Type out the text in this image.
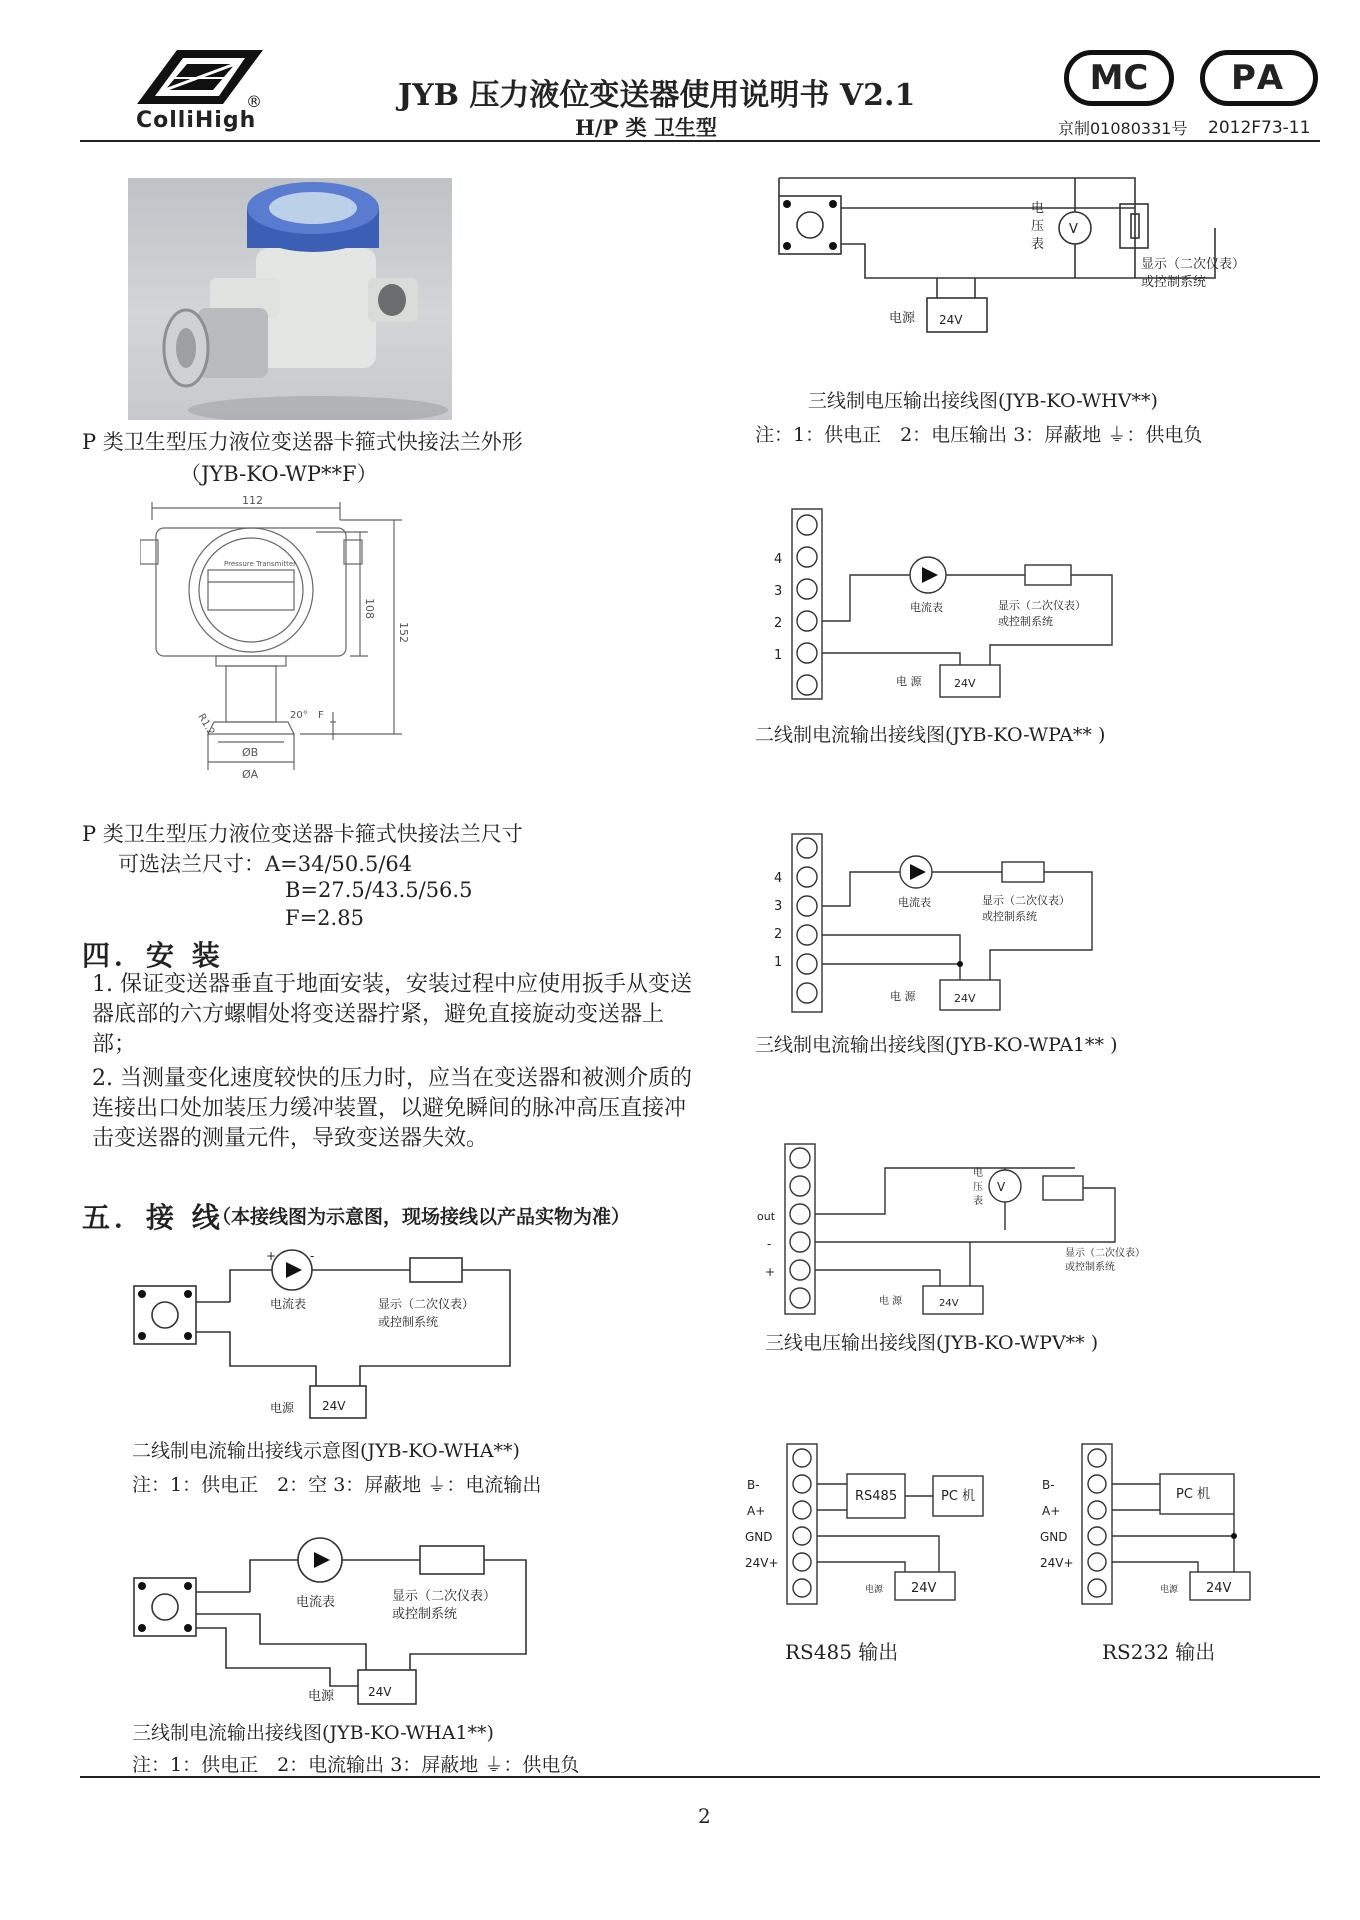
ColliHigh
®	JYB 压力液位变送器使用说明书 V2.1
H/P 类 卫生型
MC	PA
京制01080331号 2012F73-11
P 类卫生型压力液位变送器卡箍式快接法兰外形
（JYB-KO-WP**F）
112
108
152
R1.2	20° F
ØB
ØA
Pressure Transmitter
P 类卫生型压力液位变送器卡箍式快接法兰尺寸
可选法兰尺寸：A=34/50.5/64
B=27.5/43.5/56.5
F=2.85
四．安 装
1. 保证变送器垂直于地面安装，安装过程中应使用扳手从变送器底部的六方螺帽处将变送器拧紧，避免直接旋动变送器上部；
2. 当测量变化速度较快的压力时，应当在变送器和被测介质的连接出口处加装压力缓冲装置，以避免瞬间的脉冲高压直接冲击变送器的测量元件，导致变送器失效。
五．接 线
（本接线图为示意图，现场接线以产品实物为准）
电流表	显示（二次仪表）
或控制系统
电源 24V
+	-
二线制电流输出接线示意图(JYB-KO-WHA**)
注：1：供电正　2：空 3：屏蔽地 ⏚：电流输出
电流表	显示（二次仪表）
或控制系统
电源	24V
三线制电流输出接线图(JYB-KO-WHA1**)
注：1：供电正　2：电流输出 3：屏蔽地 ⏚：供电负
V
电
压
表
显示（二次仪表）
或控制系统
电源 24V
三线制电压输出接线图(JYB-KO-WHV**)
注：1：供电正　2：电压输出 3：屏蔽地 ⏚：供电负
4
3
2
1
电流表	显示（二次仪表）
或控制系统
电 源	24V
二线制电流输出接线图(JYB-KO-WPA** )
4
3
2
1
电流表	显示（二次仪表）
或控制系统
电 源	24V
三线制电流输出接线图(JYB-KO-WPA1** )
V
电
压
表
out
-
+
显示（二次仪表）
或控制系统
电 源	24V
三线电压输出接线图(JYB-KO-WPV** )
B-
A+
GND
24V+
RS485	PC 机
电源 24V
RS485 输出
B-
A+
GND
24V+
PC 机
电源 24V
RS232 输出
2
